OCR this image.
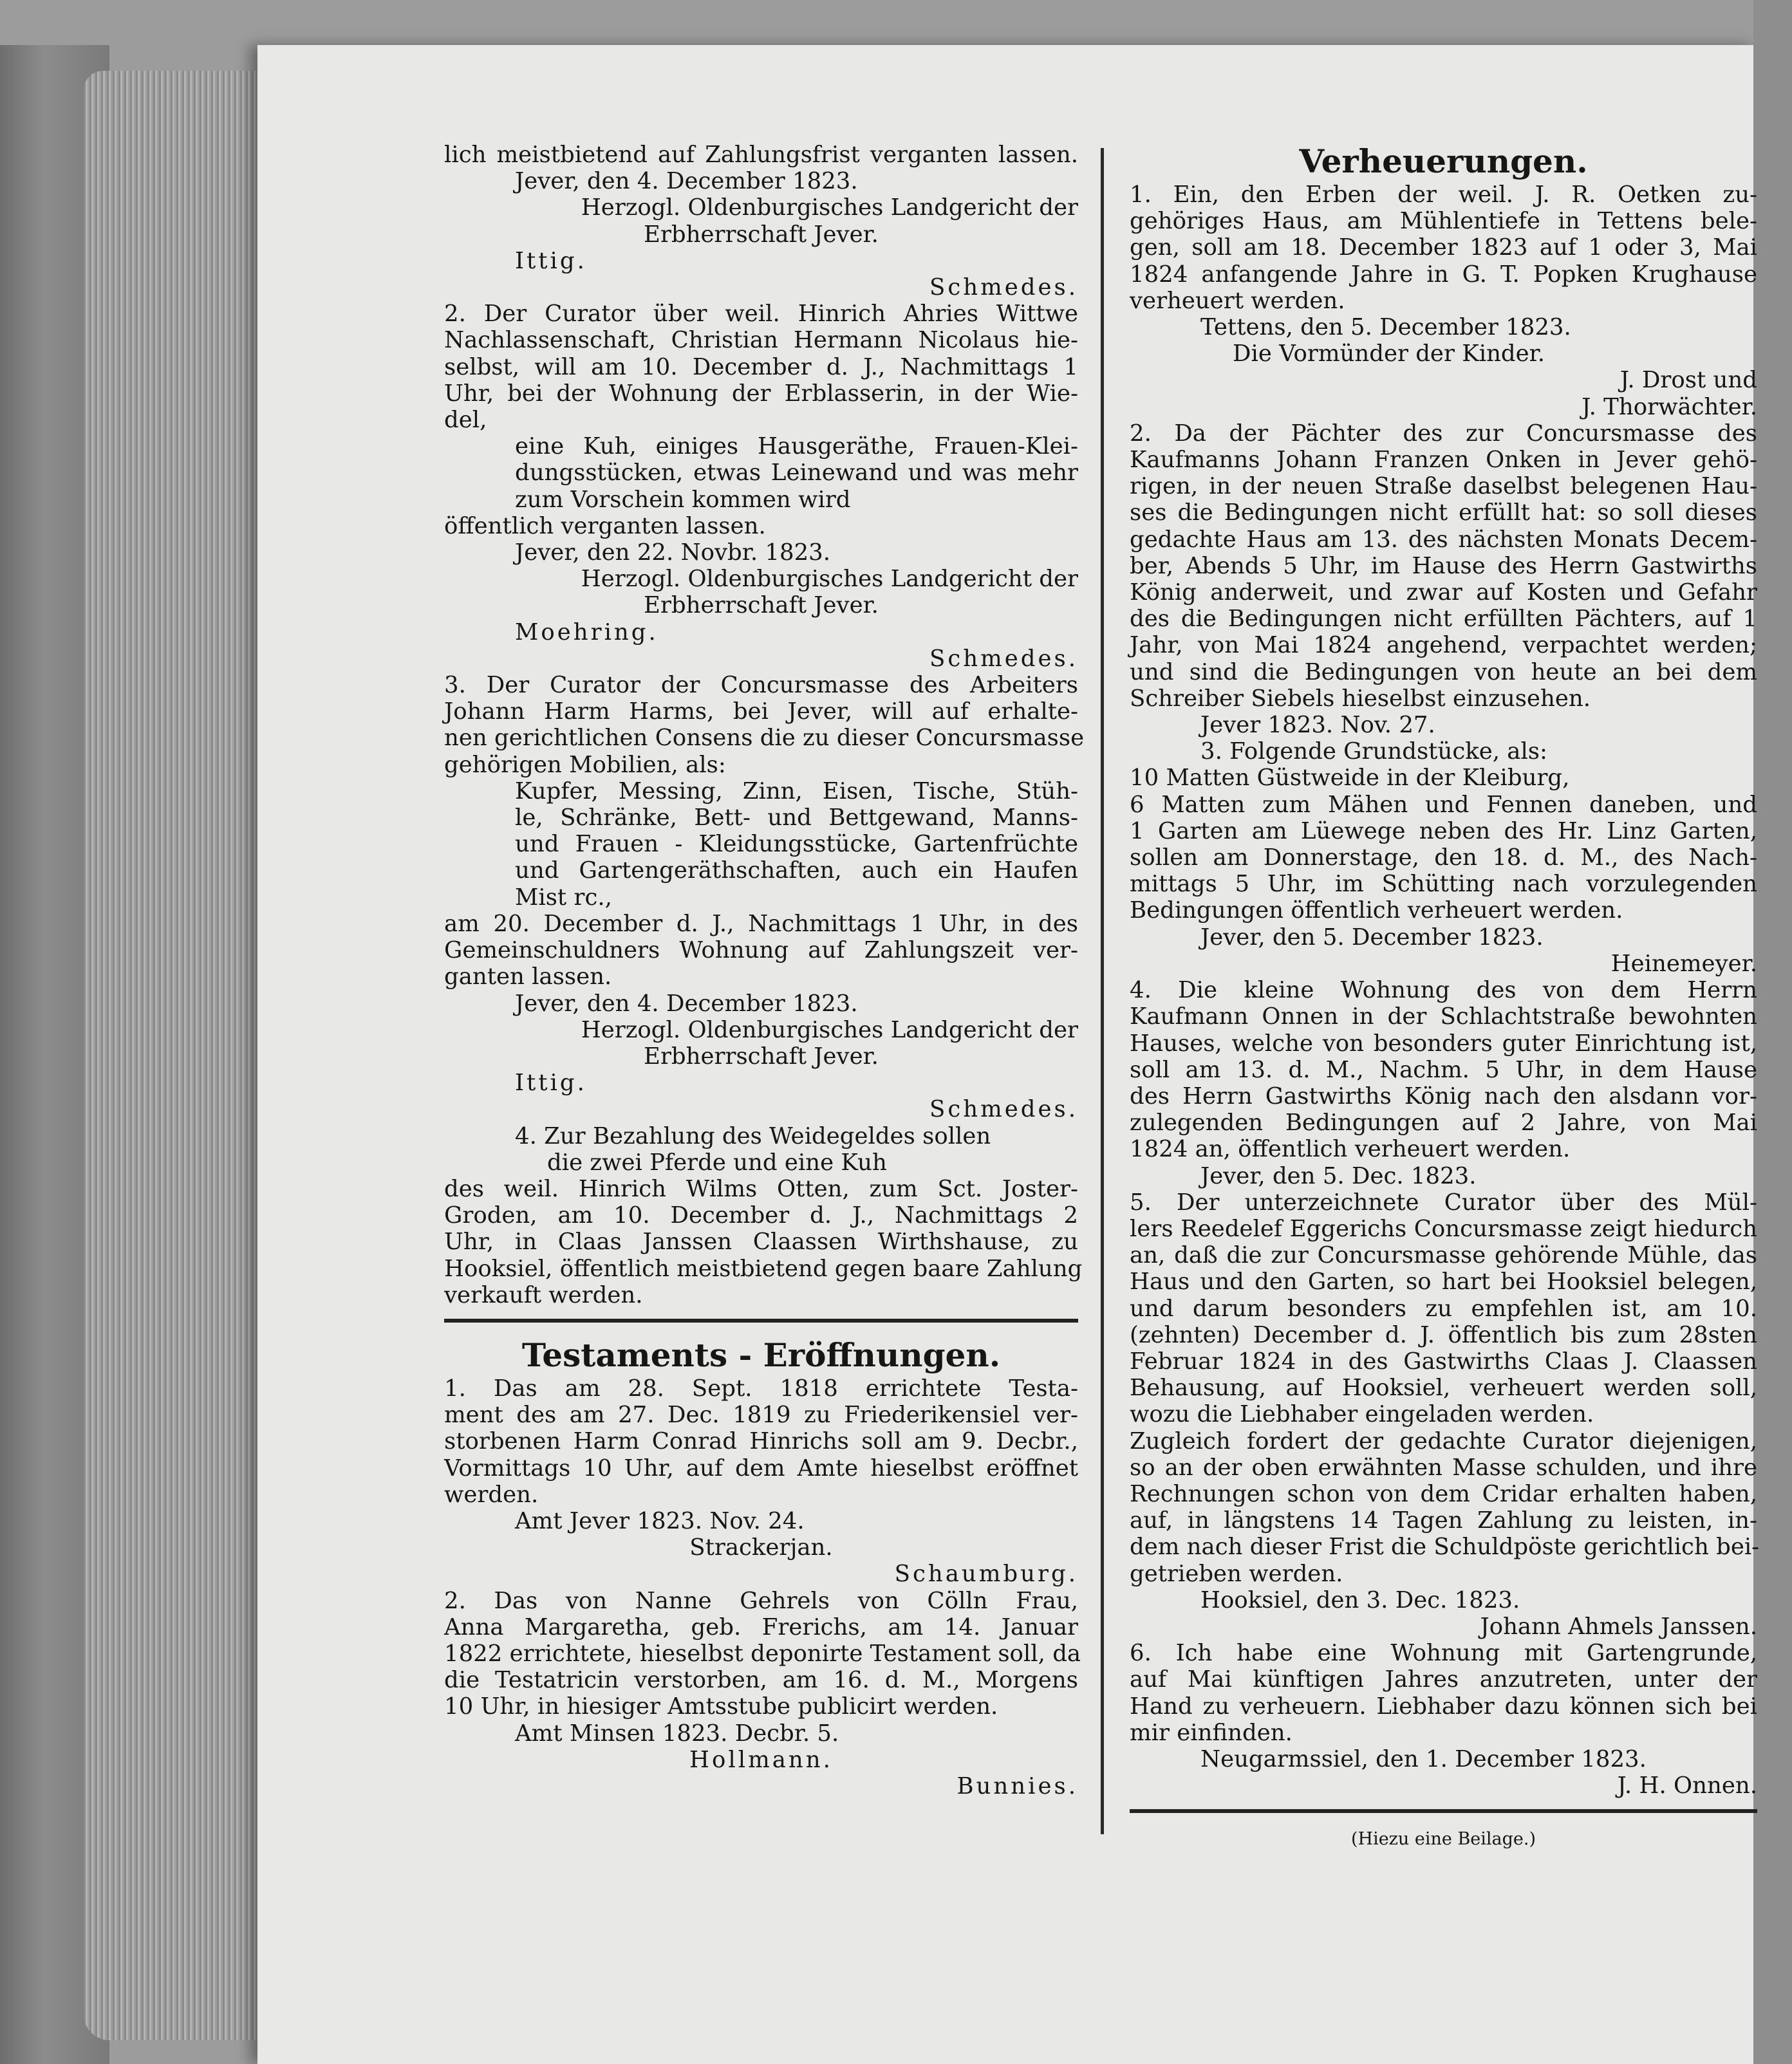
lich meistbietend auf Zahlungsfrist verganten lassen.
Jever, den 4. December 1823.
Herzogl. Oldenburgisches Landgericht der
Erbherrschaft Jever.
Ittig.
Schmedes.
2. Der Curator über weil. Hinrich Ahries Wittwe
Nachlassenschaft, Christian Hermann Nicolaus hie-
selbst, will am 10. December d. J., Nachmittags 1
Uhr, bei der Wohnung der Erblasserin, in der Wie-
del,
eine Kuh, einiges Hausgeräthe, Frauen-Klei-
dungsstücken, etwas Leinewand und was mehr
zum Vorschein kommen wird
öffentlich verganten lassen.
Jever, den 22. Novbr. 1823.
Herzogl. Oldenburgisches Landgericht der
Erbherrschaft Jever.
Moehring.
Schmedes.
3. Der Curator der Concursmasse des Arbeiters
Johann Harm Harms, bei Jever, will auf erhalte-
nen gerichtlichen Consens die zu dieser Concursmasse
gehörigen Mobilien, als:
Kupfer, Messing, Zinn, Eisen, Tische, Stüh-
le, Schränke, Bett- und Bettgewand, Manns-
und Frauen - Kleidungsstücke, Gartenfrüchte
und Gartengeräthschaften, auch ein Haufen
Mist rc.,
am 20. December d. J., Nachmittags 1 Uhr, in des
Gemeinschuldners Wohnung auf Zahlungszeit ver-
ganten lassen.
Jever, den 4. December 1823.
Herzogl. Oldenburgisches Landgericht der
Erbherrschaft Jever.
Ittig.
Schmedes.
4. Zur Bezahlung des Weidegeldes sollen
die zwei Pferde und eine Kuh
des weil. Hinrich Wilms Otten, zum Sct. Joster-
Groden, am 10. December d. J., Nachmittags 2
Uhr, in Claas Janssen Claassen Wirthshause, zu
Hooksiel, öffentlich meistbietend gegen baare Zahlung
verkauft werden.
Testaments - Eröffnungen.
1. Das am 28. Sept. 1818 errichtete Testa-
ment des am 27. Dec. 1819 zu Friederikensiel ver-
storbenen Harm Conrad Hinrichs soll am 9. Decbr.,
Vormittags 10 Uhr, auf dem Amte hieselbst eröffnet
werden.
Amt Jever 1823. Nov. 24.
Strackerjan.
Schaumburg.
2. Das von Nanne Gehrels von Cölln Frau,
Anna Margaretha, geb. Frerichs, am 14. Januar
1822 errichtete, hieselbst deponirte Testament soll, da
die Testatricin verstorben, am 16. d. M., Morgens
10 Uhr, in hiesiger Amtsstube publicirt werden.
Amt Minsen 1823. Decbr. 5.
Hollmann.
Bunnies.
Verheuerungen.
1. Ein, den Erben der weil. J. R. Oetken zu-
gehöriges Haus, am Mühlentiefe in Tettens bele-
gen, soll am 18. December 1823 auf 1 oder 3, Mai
1824 anfangende Jahre in G. T. Popken Krughause
verheuert werden.
Tettens, den 5. December 1823.
Die Vormünder der Kinder.
J. Drost und
J. Thorwächter.
2. Da der Pächter des zur Concursmasse des
Kaufmanns Johann Franzen Onken in Jever gehö-
rigen, in der neuen Straße daselbst belegenen Hau-
ses die Bedingungen nicht erfüllt hat: so soll dieses
gedachte Haus am 13. des nächsten Monats Decem-
ber, Abends 5 Uhr, im Hause des Herrn Gastwirths
König anderweit, und zwar auf Kosten und Gefahr
des die Bedingungen nicht erfüllten Pächters, auf 1
Jahr, von Mai 1824 angehend, verpachtet werden;
und sind die Bedingungen von heute an bei dem
Schreiber Siebels hieselbst einzusehen.
Jever 1823. Nov. 27.
3. Folgende Grundstücke, als:
10 Matten Güstweide in der Kleiburg,
6 Matten zum Mähen und Fennen daneben, und
1 Garten am Lüewege neben des Hr. Linz Garten,
sollen am Donnerstage, den 18. d. M., des Nach-
mittags 5 Uhr, im Schütting nach vorzulegenden
Bedingungen öffentlich verheuert werden.
Jever, den 5. December 1823.
Heinemeyer.
4. Die kleine Wohnung des von dem Herrn
Kaufmann Onnen in der Schlachtstraße bewohnten
Hauses, welche von besonders guter Einrichtung ist,
soll am 13. d. M., Nachm. 5 Uhr, in dem Hause
des Herrn Gastwirths König nach den alsdann vor-
zulegenden Bedingungen auf 2 Jahre, von Mai
1824 an, öffentlich verheuert werden.
Jever, den 5. Dec. 1823.
5. Der unterzeichnete Curator über des Mül-
lers Reedelef Eggerichs Concursmasse zeigt hiedurch
an, daß die zur Concursmasse gehörende Mühle, das
Haus und den Garten, so hart bei Hooksiel belegen,
und darum besonders zu empfehlen ist, am 10.
(zehnten) December d. J. öffentlich bis zum 28sten
Februar 1824 in des Gastwirths Claas J. Claassen
Behausung, auf Hooksiel, verheuert werden soll,
wozu die Liebhaber eingeladen werden.
Zugleich fordert der gedachte Curator diejenigen,
so an der oben erwähnten Masse schulden, und ihre
Rechnungen schon von dem Cridar erhalten haben,
auf, in längstens 14 Tagen Zahlung zu leisten, in-
dem nach dieser Frist die Schuldpöste gerichtlich bei-
getrieben werden.
Hooksiel, den 3. Dec. 1823.
Johann Ahmels Janssen.
6. Ich habe eine Wohnung mit Gartengrunde,
auf Mai künftigen Jahres anzutreten, unter der
Hand zu verheuern. Liebhaber dazu können sich bei
mir einfinden.
Neugarmssiel, den 1. December 1823.
J. H. Onnen.
(Hiezu eine Beilage.)
